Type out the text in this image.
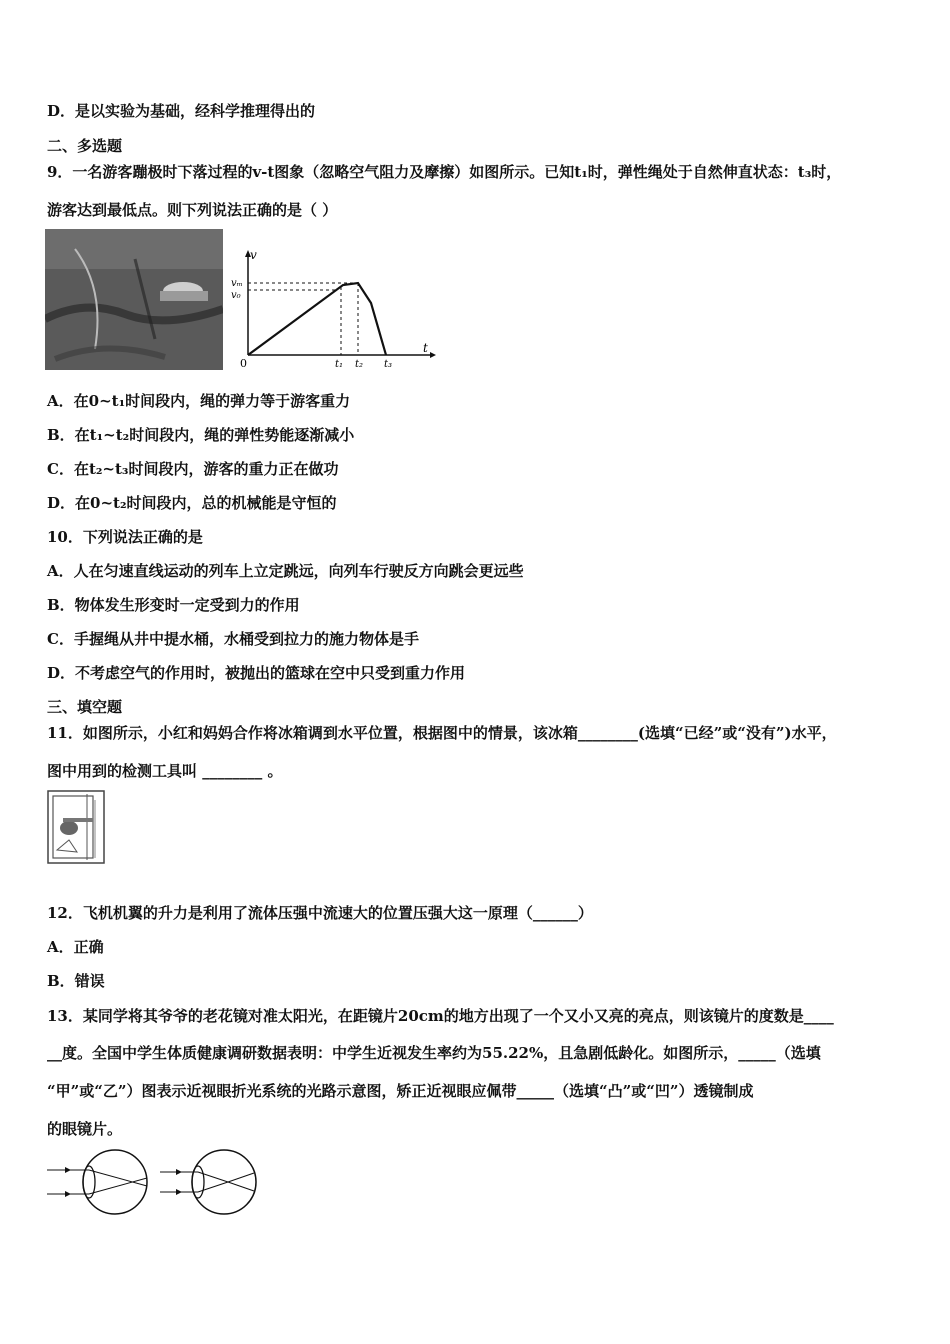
D．是以实验为基础，经科学推理得出的
二、多选题
9．一名游客蹦极时下落过程的v-t图象（忽略空气阻力及摩擦）如图所示。已知t₁时，弹性绳处于自然伸直状态：t₃时，
游客达到最低点。则下列说法正确的是（ ）
v
t
0
vₘ
v₀
t₁ t₂ t₃
A．在0~t₁时间段内，绳的弹力等于游客重力
B．在t₁~t₂时间段内，绳的弹性势能逐渐减小
C．在t₂~t₃时间段内，游客的重力正在做功
D．在0~t₂时间段内，总的机械能是守恒的
10．下列说法正确的是
A．人在匀速直线运动的列车上立定跳远，向列车行驶反方向跳会更远些
B．物体发生形变时一定受到力的作用
C．手握绳从井中提水桶，水桶受到拉力的施力物体是手
D．不考虑空气的作用时，被抛出的篮球在空中只受到重力作用
三、填空题
11．如图所示，小红和妈妈合作将冰箱调到水平位置，根据图中的情景，该冰箱________(选填“已经”或“没有”)水平，
图中用到的检测工具叫 ________ 。
12．飞机机翼的升力是利用了流体压强中流速大的位置压强大这一原理（______）
A．正确
B．错误
13．某同学将其爷爷的老花镜对准太阳光，在距镜片20cm的地方出现了一个又小又亮的亮点，则该镜片的度数是____
__度。全国中学生体质健康调研数据表明：中学生近视发生率约为55.22%，且急剧低龄化。如图所示，_____（选填
“甲”或“乙”）图表示近视眼折光系统的光路示意图，矫正近视眼应佩带_____（选填“凸”或“凹”）透镜制成
的眼镜片。
